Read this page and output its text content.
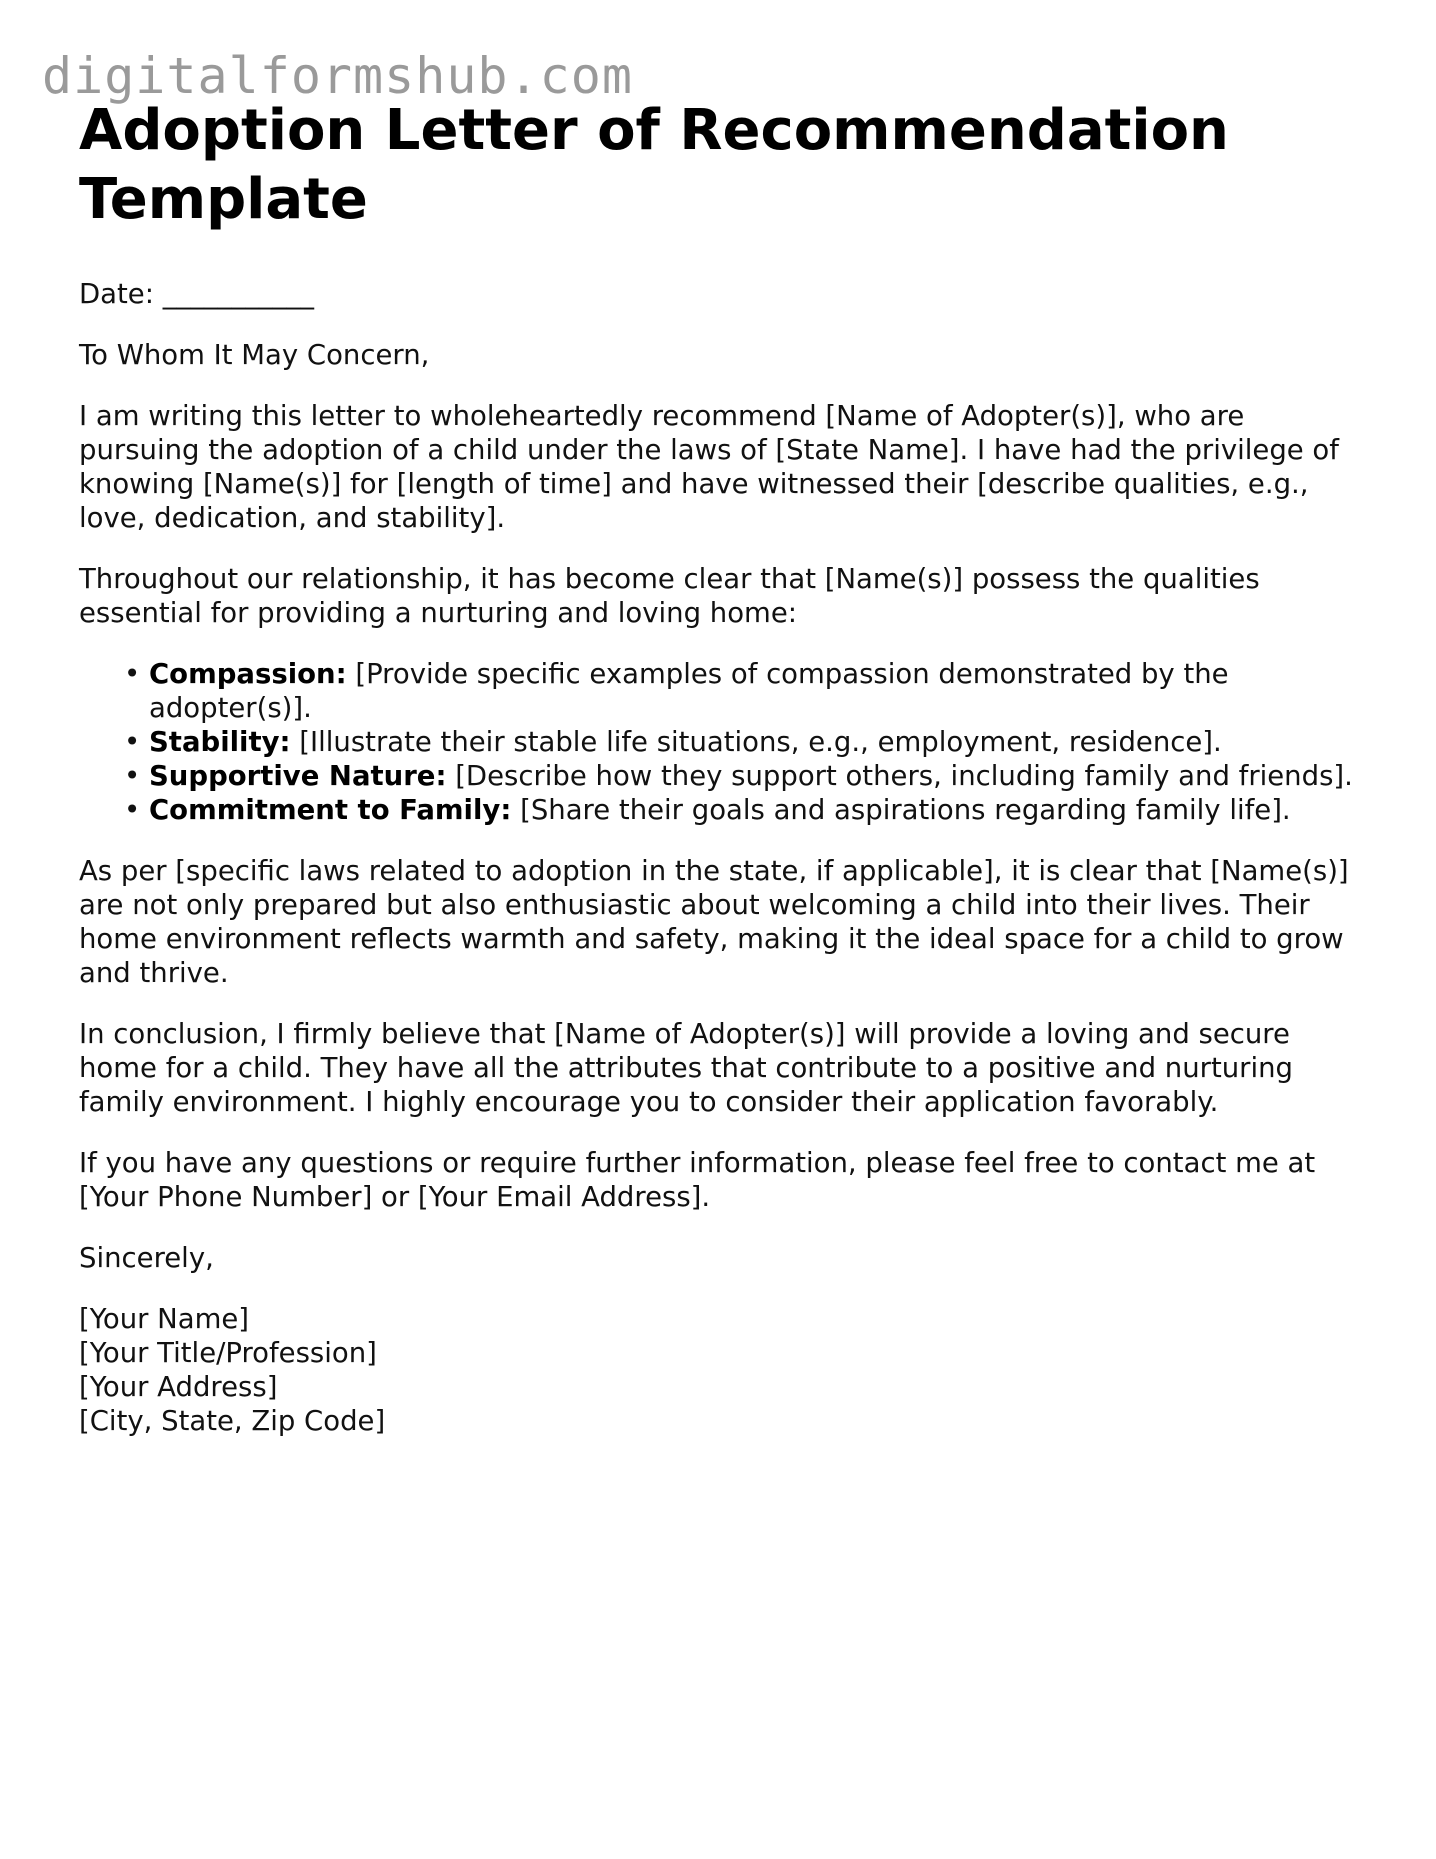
digitalformshub.com
Adoption Letter of Recommendation Template

Date: ___________

To Whom It May Concern,

I am writing this letter to wholeheartedly recommend [Name of Adopter(s)], who are pursuing the adoption of a child under the laws of [State Name]. I have had the privilege of knowing [Name(s)] for [length of time] and have witnessed their [describe qualities, e.g., love, dedication, and stability].

Throughout our relationship, it has become clear that [Name(s)] possess the qualities essential for providing a nurturing and loving home:

• Compassion: [Provide specific examples of compassion demonstrated by the adopter(s)].
• Stability: [Illustrate their stable life situations, e.g., employment, residence].
• Supportive Nature: [Describe how they support others, including family and friends].
• Commitment to Family: [Share their goals and aspirations regarding family life].

As per [specific laws related to adoption in the state, if applicable], it is clear that [Name(s)] are not only prepared but also enthusiastic about welcoming a child into their lives. Their home environment reflects warmth and safety, making it the ideal space for a child to grow and thrive.

In conclusion, I firmly believe that [Name of Adopter(s)] will provide a loving and secure home for a child. They have all the attributes that contribute to a positive and nurturing family environment. I highly encourage you to consider their application favorably.

If you have any questions or require further information, please feel free to contact me at [Your Phone Number] or [Your Email Address].

Sincerely,

[Your Name]
[Your Title/Profession]
[Your Address]
[City, State, Zip Code]
